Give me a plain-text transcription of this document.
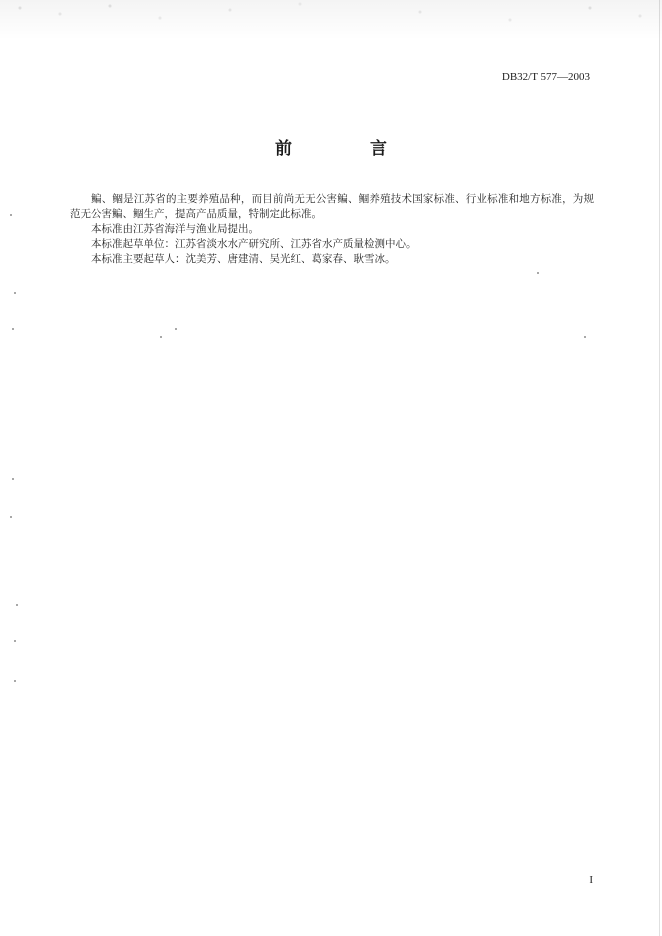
DB32/T 577—2003
前 言

鳊、鲴是江苏省的主要养殖品种，而目前尚无无公害鳊、鲴养殖技术国家标准、行业标准和地方标准，为规范无公害鳊、鲴生产，提高产品质量，特制定此标准。

本标准由江苏省海洋与渔业局提出。

本标准起草单位：江苏省淡水水产研究所、江苏省水产质量检测中心。

本标准主要起草人：沈美芳、唐建清、吴光红、葛家春、耿雪冰。

I
